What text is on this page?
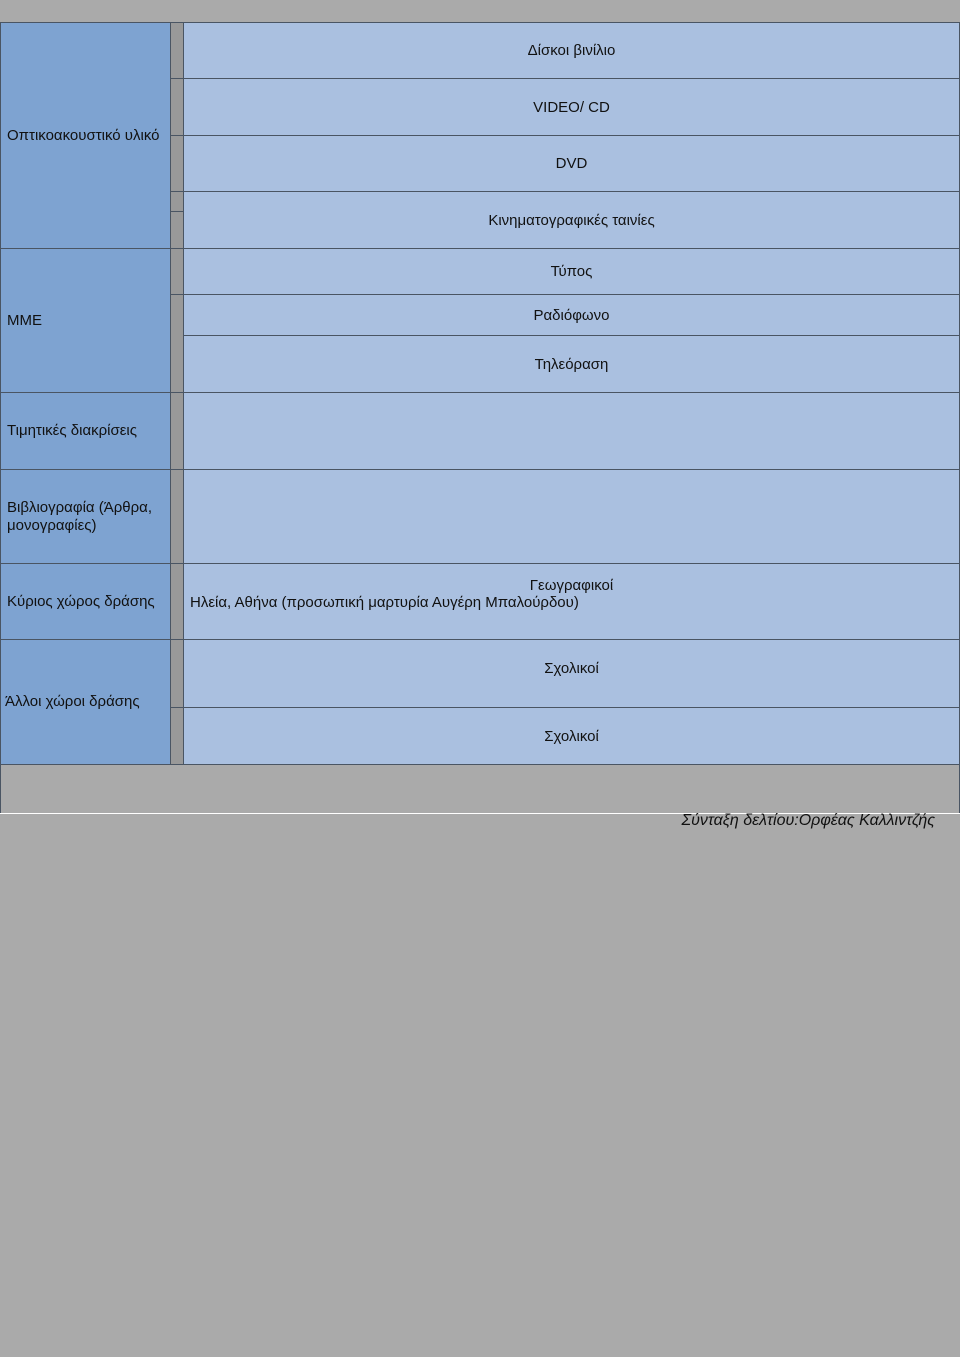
Οπτικοακουστικό υλικό
Δίσκοι βινίλιο
VIDEO/ CD
DVD
Κινηματογραφικές ταινίες
ΜΜΕ
Τύπος
Ραδιόφωνο
Τηλεόραση
Τιμητικές διακρίσεις
Βιβλιογραφία (Άρθρα, μονογραφίες)
Κύριος χώρος δράσης
Γεωγραφικοί
Ηλεία, Αθήνα (προσωπική μαρτυρία Αυγέρη Μπαλούρδου)
Άλλοι χώροι δράσης
Σχολικοί
Σχολικοί
Σύνταξη δελτίου:Ορφέας Καλλιντζής
